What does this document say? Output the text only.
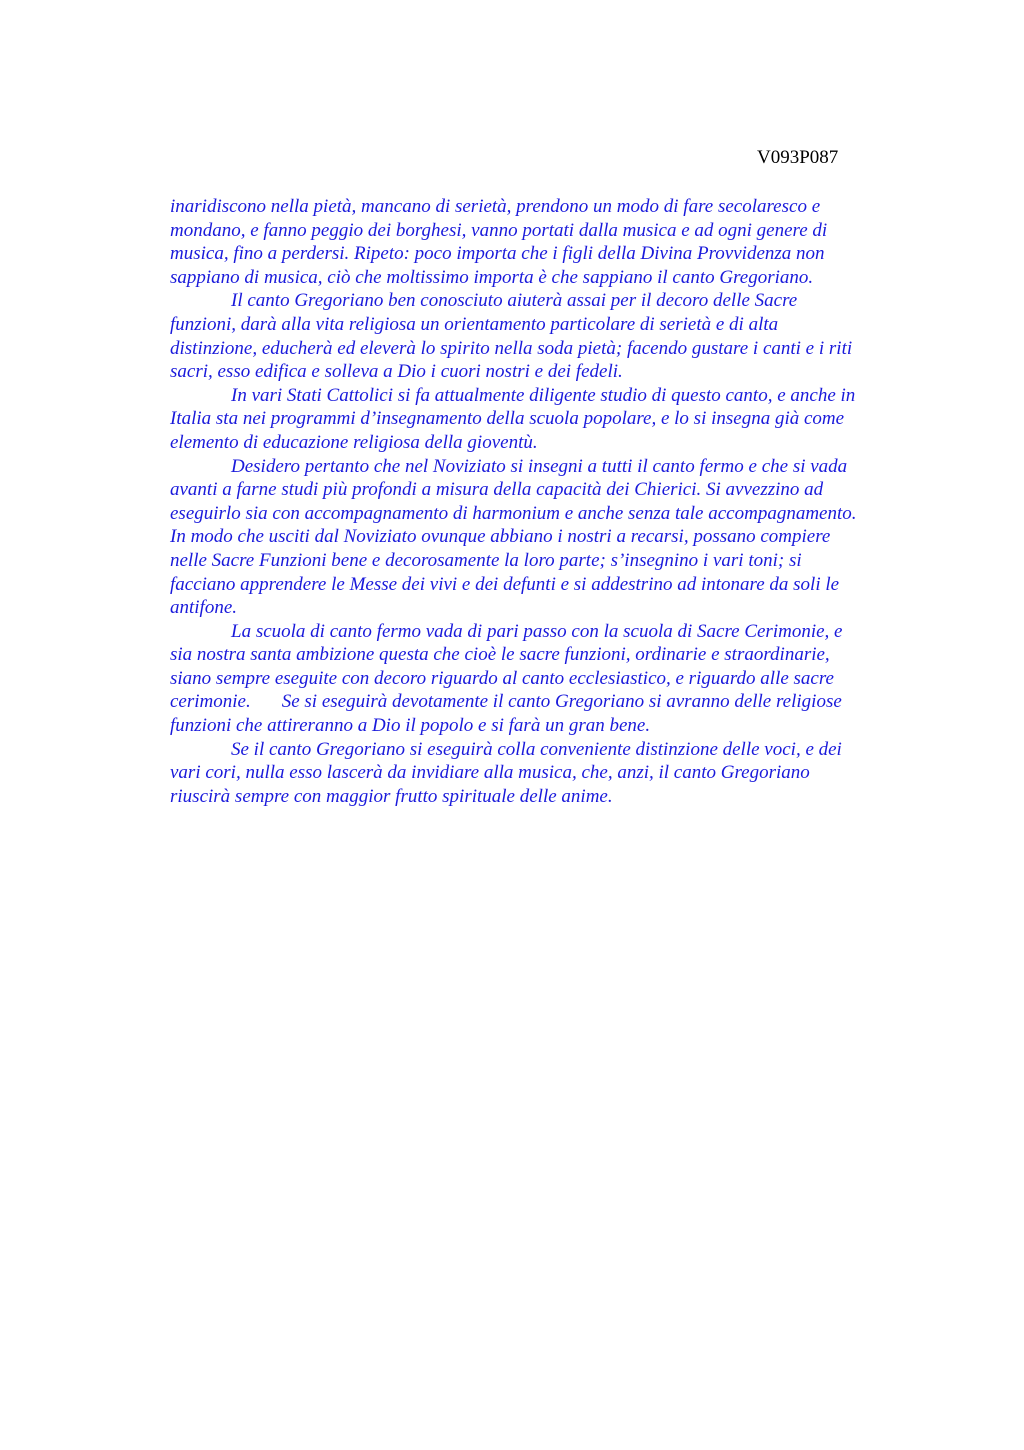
V093P087
inaridiscono nella pietà, mancano di serietà, prendono un modo di fare secolaresco e
mondano, e fanno peggio dei borghesi, vanno portati dalla musica e ad ogni genere di
musica, fino a perdersi. Ripeto: poco importa che i figli della Divina Provvidenza non
sappiano di musica, ciò che moltissimo importa è che sappiano il canto Gregoriano.
Il canto Gregoriano ben conosciuto aiuterà assai per il decoro delle Sacre
funzioni, darà alla vita religiosa un orientamento particolare di serietà e di alta
distinzione, educherà ed eleverà lo spirito nella soda pietà; facendo gustare i canti e i riti
sacri, esso edifica e solleva a Dio i cuori nostri e dei fedeli.
In vari Stati Cattolici si fa attualmente diligente studio di questo canto, e anche in
Italia sta nei programmi d’insegnamento della scuola popolare, e lo si insegna già come
elemento di educazione religiosa della gioventù.
Desidero pertanto che nel Noviziato si insegni a tutti il canto fermo e che si vada
avanti a farne studi più profondi a misura della capacità dei Chierici. Si avvezzino ad
eseguirlo sia con accompagnamento di harmonium e anche senza tale accompagnamento.
In modo che usciti dal Noviziato ovunque abbiano i nostri a recarsi, possano compiere
nelle Sacre Funzioni bene e decorosamente la loro parte; s’insegnino i vari toni; si
facciano apprendere le Messe dei vivi e dei defunti e si addestrino ad intonare da soli le
antifone.
La scuola di canto fermo vada di pari passo con la scuola di Sacre Cerimonie, e
sia nostra santa ambizione questa che cioè le sacre funzioni, ordinarie e straordinarie,
siano sempre eseguite con decoro riguardo al canto ecclesiastico, e riguardo alle sacre
cerimonie. Se si eseguirà devotamente il canto Gregoriano si avranno delle religiose
funzioni che attireranno a Dio il popolo e si farà un gran bene.
Se il canto Gregoriano si eseguirà colla conveniente distinzione delle voci, e dei
vari cori, nulla esso lascerà da invidiare alla musica, che, anzi, il canto Gregoriano
riuscirà sempre con maggior frutto spirituale delle anime.
